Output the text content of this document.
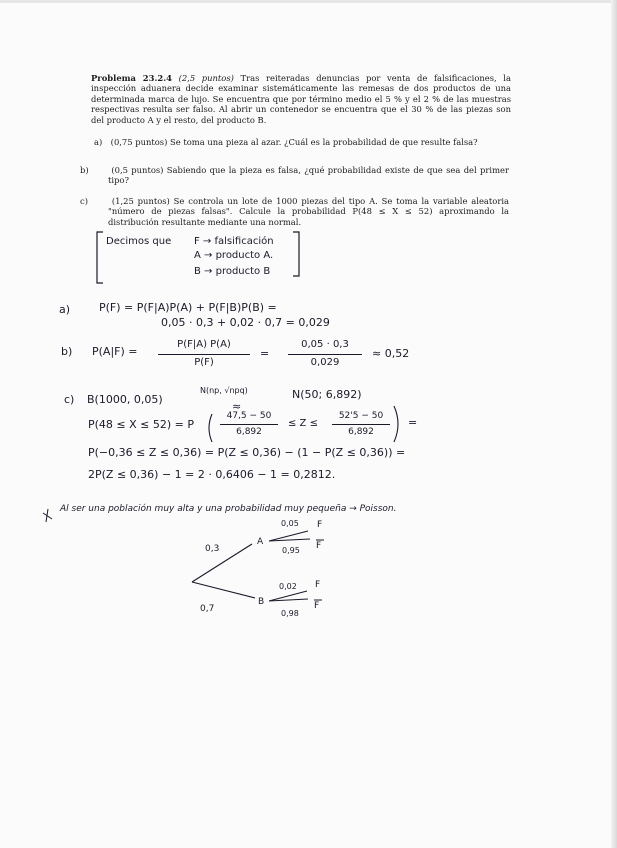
Problema 23.2.4 (2,5 puntos) Tras reiteradas denuncias por venta de falsificaciones, la inspección aduanera decide examinar sistemáticamente las remesas de dos productos de una determinada marca de lujo. Se encuentra que por término medio el 5 % y el 2 % de las muestras respectivas resulta ser falso. Al abrir un contenedor se encuentra que el 30 % de las piezas son del producto A y el resto, del producto B.
a) (0,75 puntos) Se toma una pieza al azar. ¿Cuál es la probabilidad de que resulte falsa?
b)	(0,5 puntos) Sabiendo que la pieza es falsa, ¿qué probabilidad existe de que sea del primer tipo?
c)	(1,25 puntos) Se controla un lote de 1000 piezas del tipo A. Se toma la variable aleatoria "número de piezas falsas". Calcule la probabilidad P(48 ≤ X ≤ 52) aproximando la distribución resultante mediante una normal.
Decimos que F → falsificación
A → producto A.
B → producto B
a)	P(F) = P(F|A)P(A) + P(F|B)P(B) =
0,05 · 0,3 + 0,02 · 0,7 = 0,029
b) P(A|F) =
P(F|A) P(A)
P(F)
=
0,05 · 0,3
0,029
≈ 0,52
c) B(1000, 0,05)
N(np, √npq)
≈
N(50; 6,892)
P(48 ≤ X ≤ 52) = P
47,5 − 50
6,892
≤ Z ≤
52'5 − 50
6,892
=
P(−0,36 ≤ Z ≤ 0,36) = P(Z ≤ 0,36) − (1 − P(Z ≤ 0,36)) =
2P(Z ≤ 0,36) − 1 = 2 · 0,6406 − 1 = 0,2812.
Al ser una población muy alta y una probabilidad muy pequeña → Poisson.
0,3
0,7
A
B
0,05
0,95
0,02
0,98
F
F
F
F
